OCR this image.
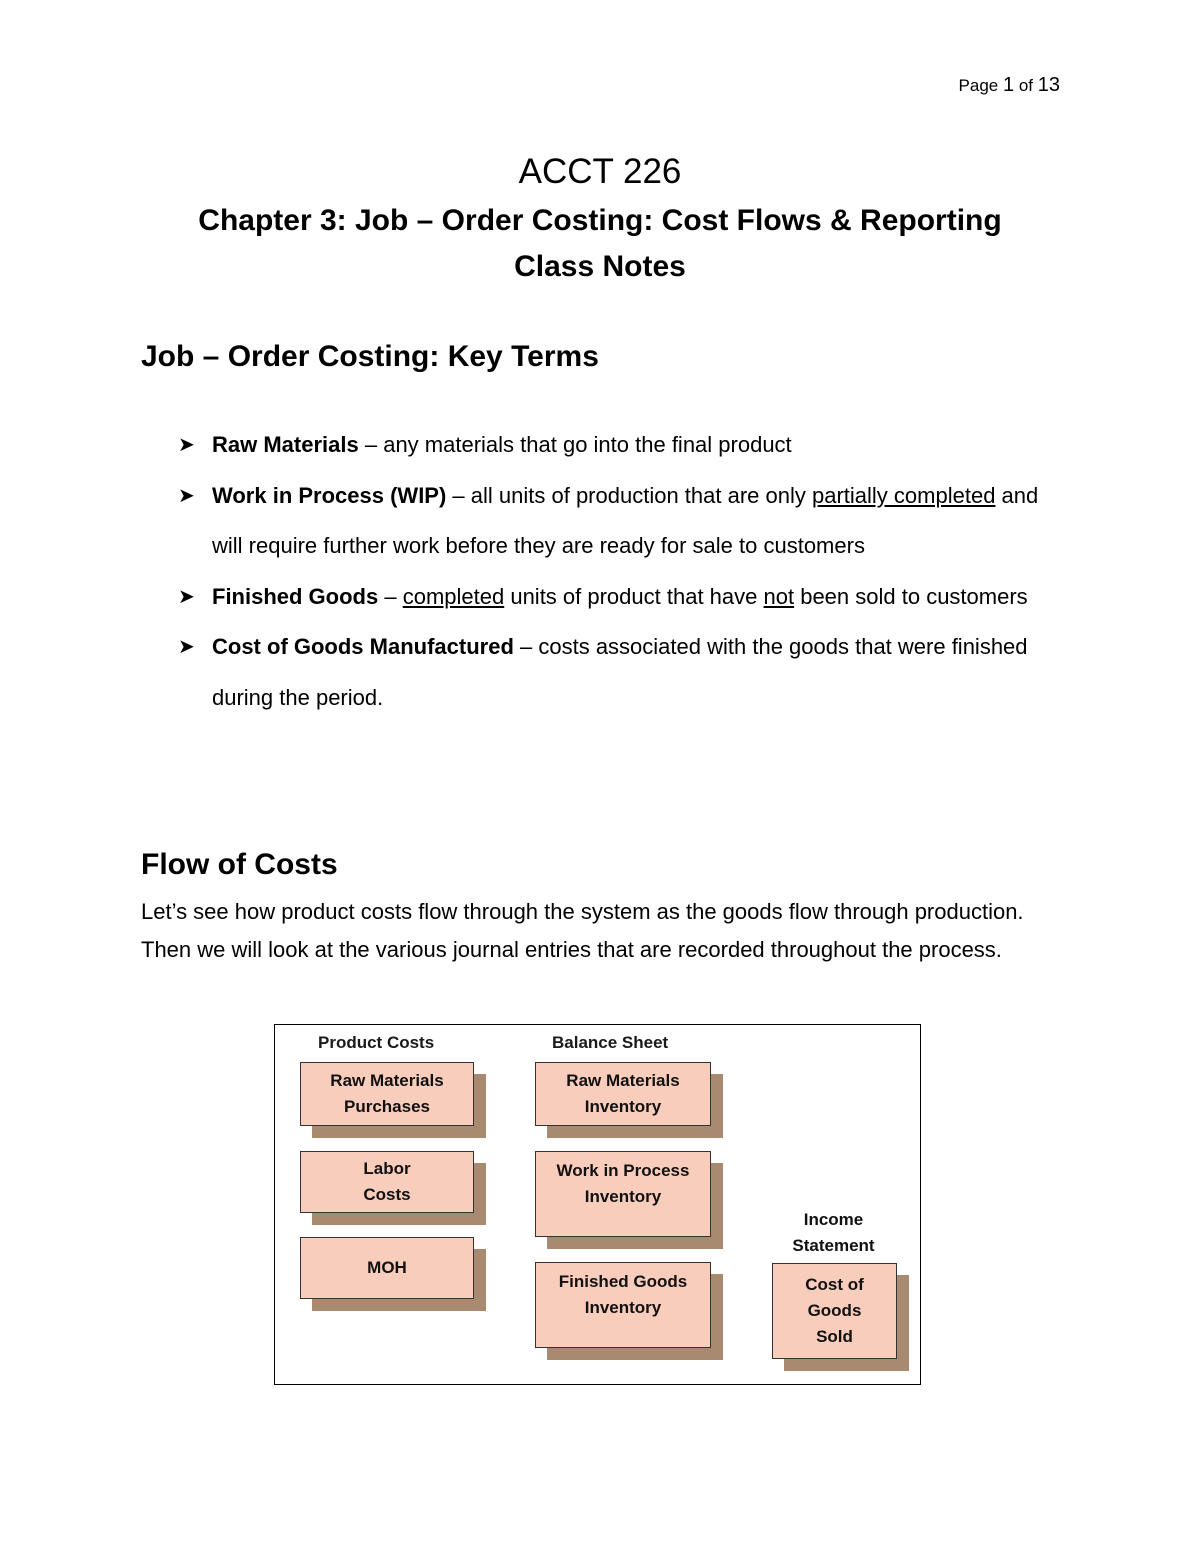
Page 1 of 13
ACCT 226
Chapter 3: Job – Order Costing: Cost Flows & Reporting
Class Notes
Job – Order Costing: Key Terms
➤ Raw Materials – any materials that go into the final product
➤ Work in Process (WIP) – all units of production that are only partially completed and will require further work before they are ready for sale to customers
➤ Finished Goods – completed units of product that have not been sold to customers
➤ Cost of Goods Manufactured – costs associated with the goods that were finished during the period.
Flow of Costs
Let’s see how product costs flow through the system as the goods flow through production. Then we will look at the various journal entries that are recorded throughout the process.
Product Costs	Balance Sheet
Raw Materials
Purchases
Labor
Costs
MOH
Raw Materials
Inventory
Work in Process
Inventory
Finished Goods
Inventory
Income
Statement
Cost of
Goods
Sold
